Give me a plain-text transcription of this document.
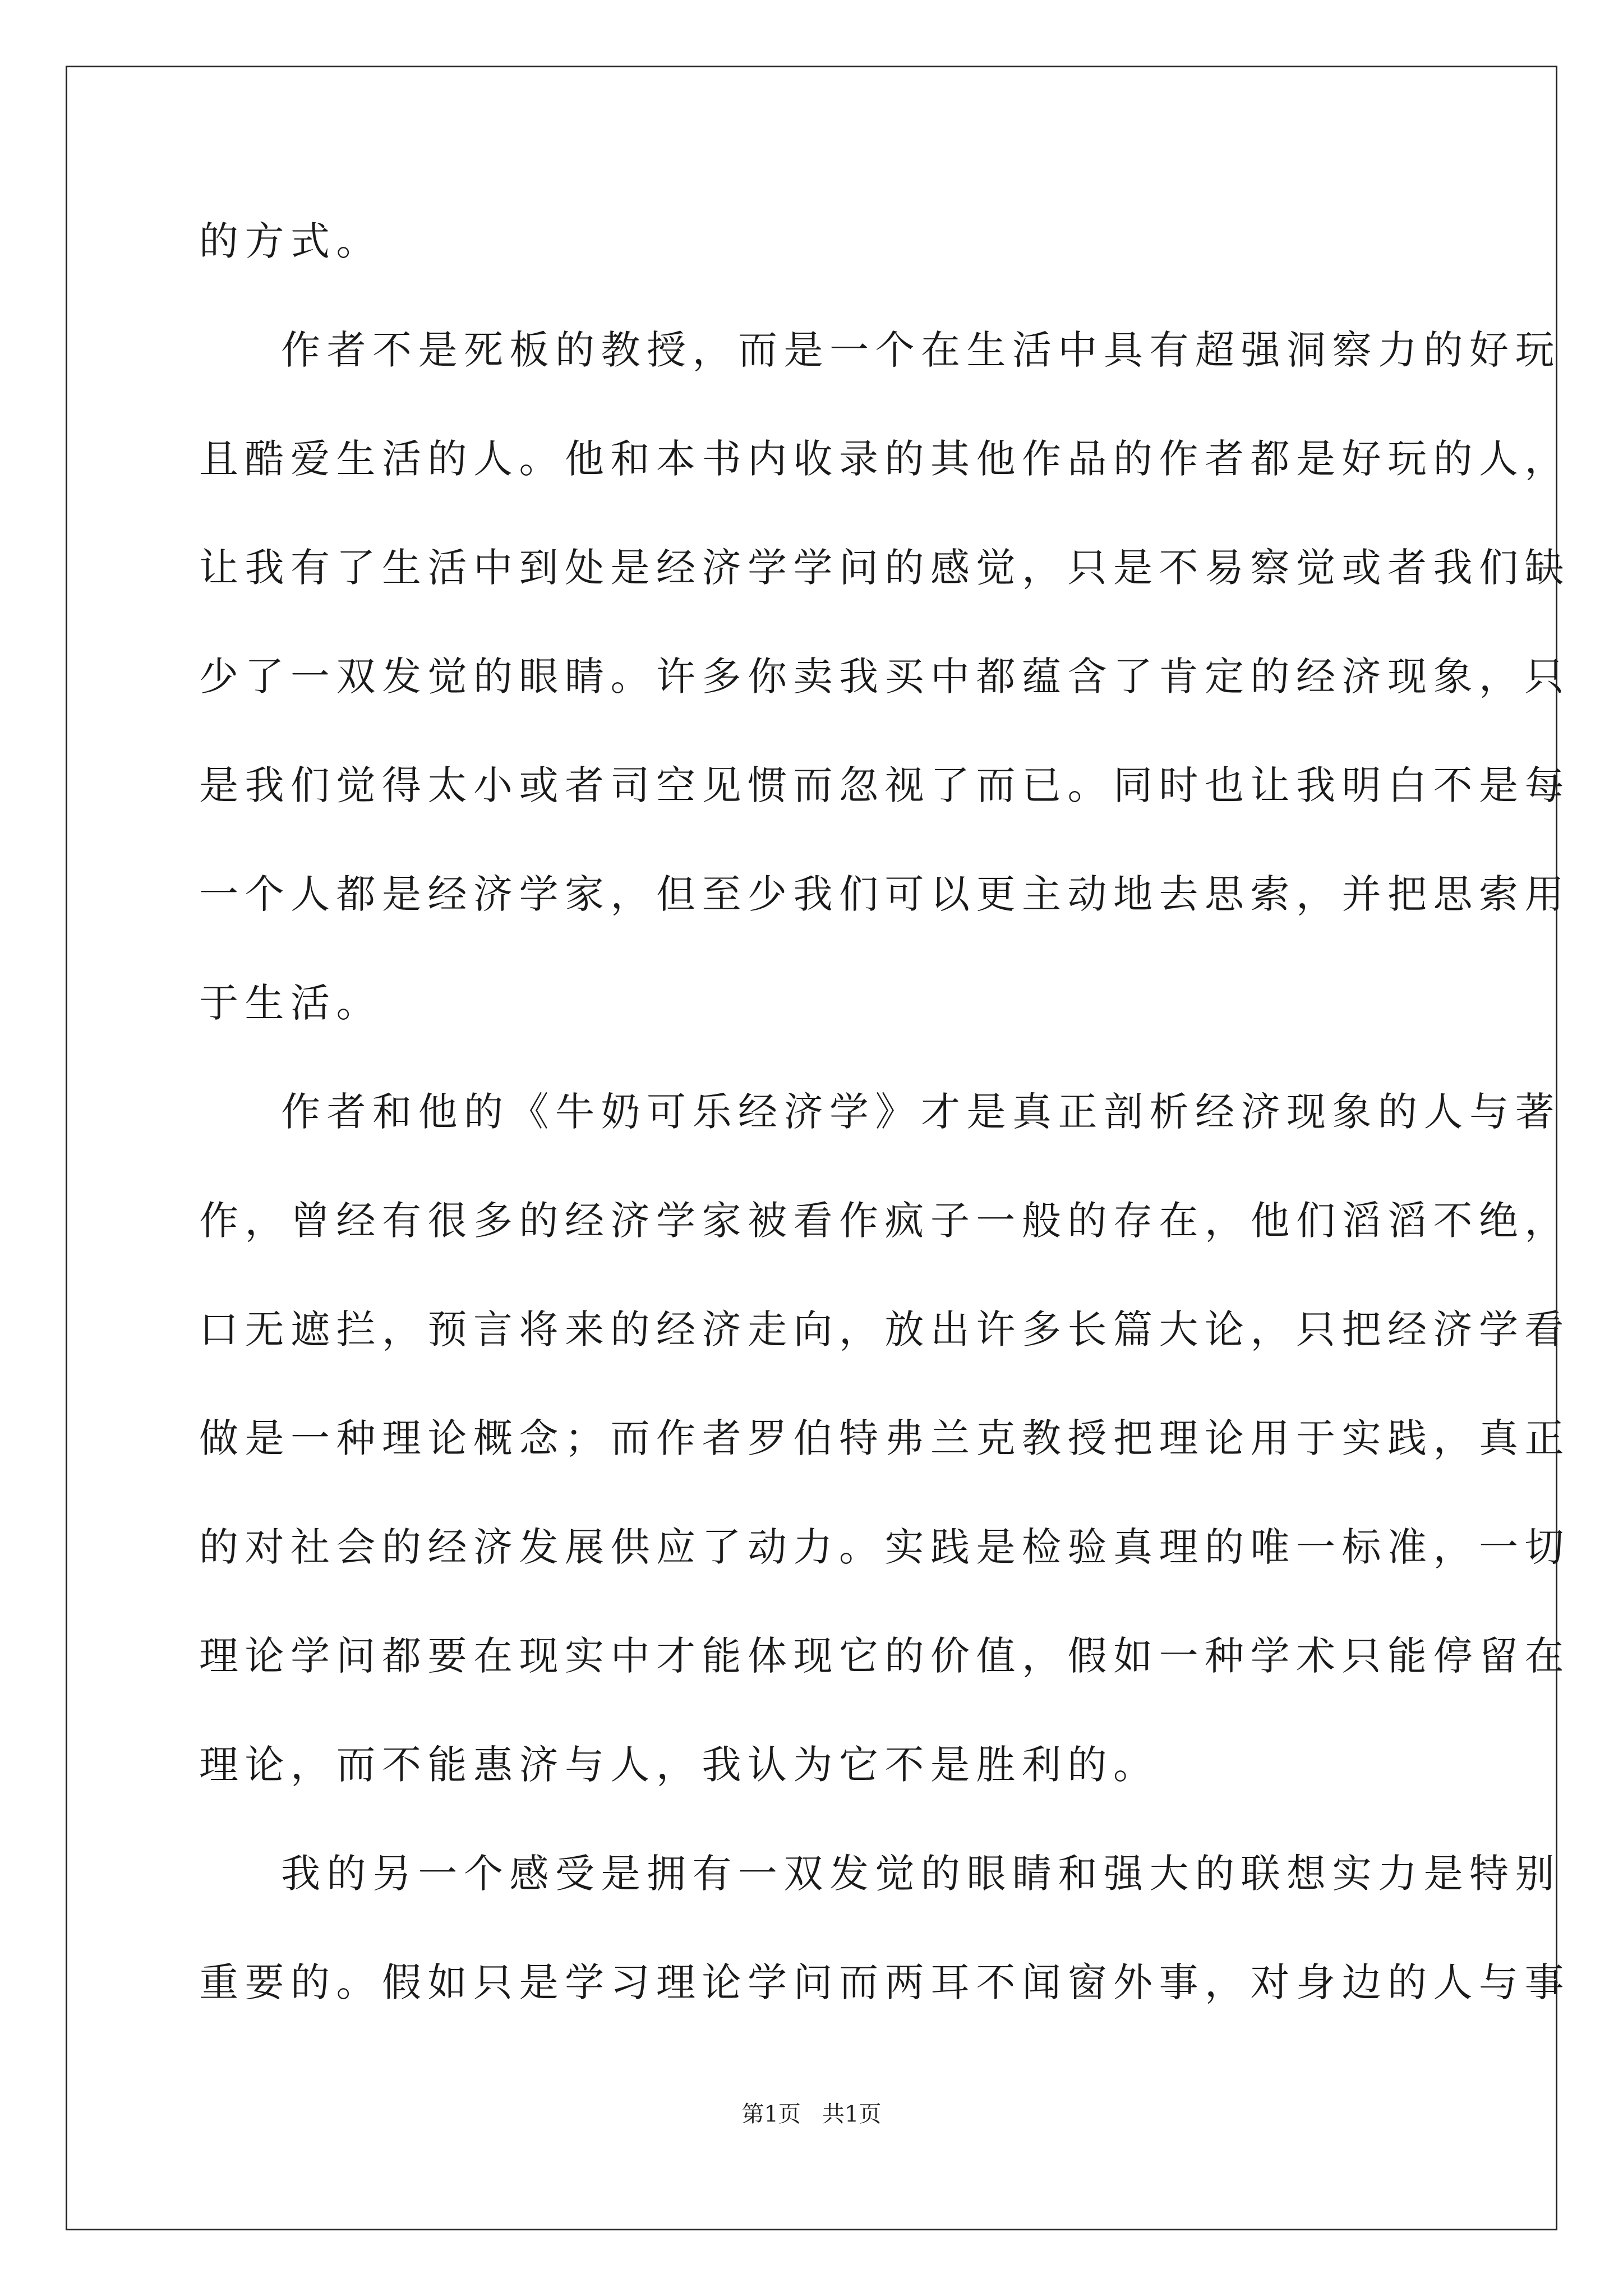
的方式。
作者不是死板的教授，而是一个在生活中具有超强洞察力的好玩
且酷爱生活的人。他和本书内收录的其他作品的作者都是好玩的人，
让我有了生活中到处是经济学学问的感觉，只是不易察觉或者我们缺
少了一双发觉的眼睛。许多你卖我买中都蕴含了肯定的经济现象，只
是我们觉得太小或者司空见惯而忽视了而已。同时也让我明白不是每
一个人都是经济学家，但至少我们可以更主动地去思索，并把思索用
于生活。
作者和他的《牛奶可乐经济学》才是真正剖析经济现象的人与著
作，曾经有很多的经济学家被看作疯子一般的存在，他们滔滔不绝，
口无遮拦，预言将来的经济走向，放出许多长篇大论，只把经济学看
做是一种理论概念；而作者罗伯特弗兰克教授把理论用于实践，真正
的对社会的经济发展供应了动力。实践是检验真理的唯一标准，一切
理论学问都要在现实中才能体现它的价值，假如一种学术只能停留在
理论，而不能惠济与人，我认为它不是胜利的。
我的另一个感受是拥有一双发觉的眼睛和强大的联想实力是特别
重要的。假如只是学习理论学问而两耳不闻窗外事，对身边的人与事
第1页   共1页
